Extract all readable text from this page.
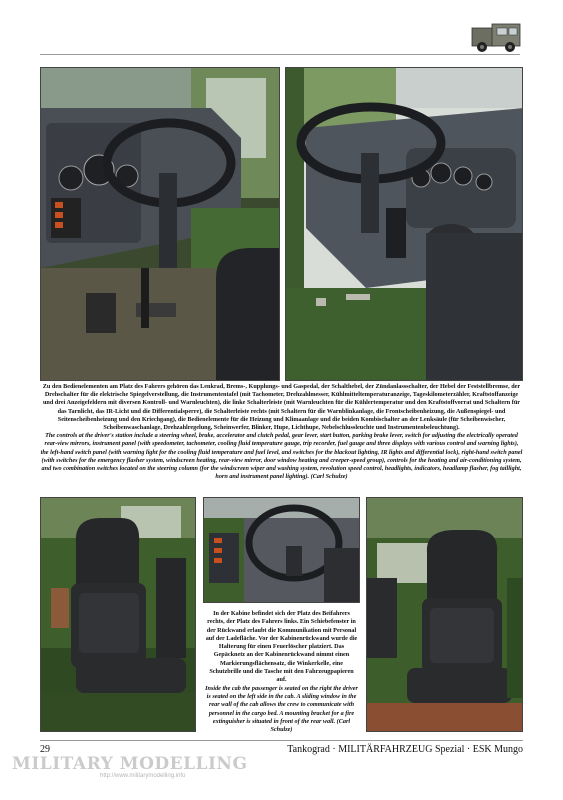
Zu den Bedienelementen am Platz des Fahrers gehören das Lenkrad, Brems-, Kupplungs- und Gaspedal, der Schalthebel, der Zündanlassschalter, der Hebel der Feststellbremse, der Drehschalter für die elektrische Spiegelverstellung, die Instrumententafel (mit Tachometer, Drehzahlmesser, Kühlmitteltemperaturanzeige, Tageskilometerzähler, Kraftstoffanzeige und drei Anzeigefeldern mit diversen Kontroll- und Warnleuchten), die linke Schalterleiste (mit Warnleuchten für die Kühlertemperatur und den Kraftstoffvorrat und Schaltern für das Tarnlicht, das IR-Licht und die Differentialsperre), die Schalterleiste rechts (mit Schaltern für die Warnblinkanlage, die Frontscheibenheizung, die Außenspiegel- und Seitenscheibenheizung und den Kriechgang), die Bedienelemente für die Heizung und Klimaanlage und die beiden Kombischalter an der Lenksäule (für Scheibenwischer, Scheibenwaschanlage, Drehzahlregelung, Scheinwerfer, Blinker, Hupe, Lichthupe, Nebelschlussleuchte und Instrumentenbeleuchtung).

The controls at the driver's station include a steering wheel, brake, accelerator and clutch pedal, gear lever, start button, parking brake lever, switch for adjusting the electrically operated rear-view mirrors, instrument panel (with speedometer, tachometer, cooling fluid temperature gauge, trip recorder, fuel gauge and three displays with various control and warning lights), the left-hand switch panel (with warning light for the cooling fluid temperature and fuel level, and switches for the blackout lighting, IR lights and differential lock), right-hand switch panel (with switches for the emergency flasher system, windscreen heating, rear-view mirror, door window heating and creeper-speed group), controls for the heating and air-conditioning system, and two combination switches located on the steering column (for the windscreen wiper and washing system, revolution speed control, headlights, indicators, headlamp flasher, fog taillight, horn and instrument panel lighting). (Carl Schulze)

In der Kabine befindet sich der Platz des Beifahrers rechts, der Platz des Fahrers links. Ein Schiebefenster in der Rückwand erlaubt die Kommunikation mit Personal auf der Ladefläche. Vor der Kabinenrückwand wurde die Halterung für einen Feuerlöscher platziert. Das Gepäcknetz an der Kabinenrückwand nimmt einen Markierungsflächensatz, die Winkerkelle, eine Schutzbrille und die Tasche mit den Fahrzeugpapieren auf.

Inside the cab the passenger is seated on the right the driver is seated on the left side in the cab. A sliding window in the rear wall of the cab allows the crew to communicate with personnel in the cargo bed. A mounting bracket for a fire extinguisher is situated in front of the rear wall. (Carl Schulze)

29	Tankograd · MILITÄRFAHRZEUG Spezial · ESK Mungo
MILITARY MODELLING
http://www.militarymodelling.info
